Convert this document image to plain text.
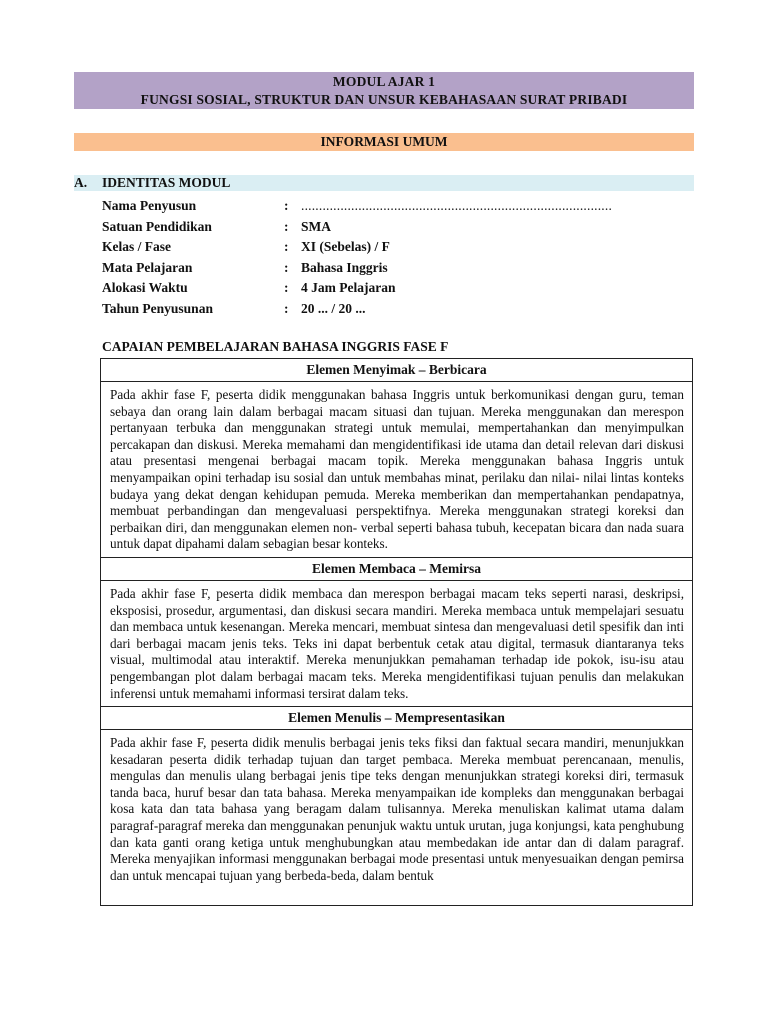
MODUL AJAR 1
FUNGSI SOSIAL, STRUKTUR DAN UNSUR KEBAHASAAN SURAT PRIBADI
INFORMASI UMUM
A. IDENTITAS MODUL
Nama Penyusun	: .......................................................................................
Satuan Pendidikan	: SMA
Kelas / Fase	: XI (Sebelas) / F
Mata Pelajaran	: Bahasa Inggris
Alokasi Waktu	: 4 Jam Pelajaran
Tahun Penyusunan	: 20 ... / 20 ...
CAPAIAN PEMBELAJARAN BAHASA INGGRIS FASE F
Elemen Menyimak – Berbicara
Pada akhir fase F, peserta didik menggunakan bahasa Inggris untuk berkomunikasi dengan guru, teman sebaya dan orang lain dalam berbagai macam situasi dan tujuan. Mereka menggunakan dan merespon pertanyaan terbuka dan menggunakan strategi untuk memulai, mempertahankan dan menyimpulkan percakapan dan diskusi. Mereka memahami dan mengidentifikasi ide utama dan detail relevan dari diskusi atau presentasi mengenai berbagai macam topik. Mereka menggunakan bahasa Inggris untuk menyampaikan opini terhadap isu sosial dan untuk membahas minat, perilaku dan nilai- nilai lintas konteks budaya yang dekat dengan kehidupan pemuda. Mereka memberikan dan mempertahankan pendapatnya, membuat perbandingan dan mengevaluasi perspektifnya. Mereka menggunakan strategi koreksi dan perbaikan diri, dan menggunakan elemen non- verbal seperti bahasa tubuh, kecepatan bicara dan nada suara untuk dapat dipahami dalam sebagian besar konteks.
Elemen Membaca – Memirsa
Pada akhir fase F, peserta didik membaca dan merespon berbagai macam teks seperti narasi, deskripsi, eksposisi, prosedur, argumentasi, dan diskusi secara mandiri. Mereka membaca untuk mempelajari sesuatu dan membaca untuk kesenangan. Mereka mencari, membuat sintesa dan mengevaluasi detil spesifik dan inti dari berbagai macam jenis teks. Teks ini dapat berbentuk cetak atau digital, termasuk diantaranya teks visual, multimodal atau interaktif. Mereka menunjukkan pemahaman terhadap ide pokok, isu-isu atau pengembangan plot dalam berbagai macam teks. Mereka mengidentifikasi tujuan penulis dan melakukan inferensi untuk memahami informasi tersirat dalam teks.
Elemen Menulis – Mempresentasikan
Pada akhir fase F, peserta didik menulis berbagai jenis teks fiksi dan faktual secara mandiri, menunjukkan kesadaran peserta didik terhadap tujuan dan target pembaca. Mereka membuat perencanaan, menulis, mengulas dan menulis ulang berbagai jenis tipe teks dengan menunjukkan strategi koreksi diri, termasuk tanda baca, huruf besar dan tata bahasa. Mereka menyampaikan ide kompleks dan menggunakan berbagai kosa kata dan tata bahasa yang beragam dalam tulisannya. Mereka menuliskan kalimat utama dalam paragraf-paragraf mereka dan menggunakan penunjuk waktu untuk urutan, juga konjungsi, kata penghubung dan kata ganti orang ketiga untuk menghubungkan atau membedakan ide antar dan di dalam paragraf. Mereka menyajikan informasi menggunakan berbagai mode presentasi untuk menyesuaikan dengan pemirsa dan untuk mencapai tujuan yang berbeda-beda, dalam bentuk
